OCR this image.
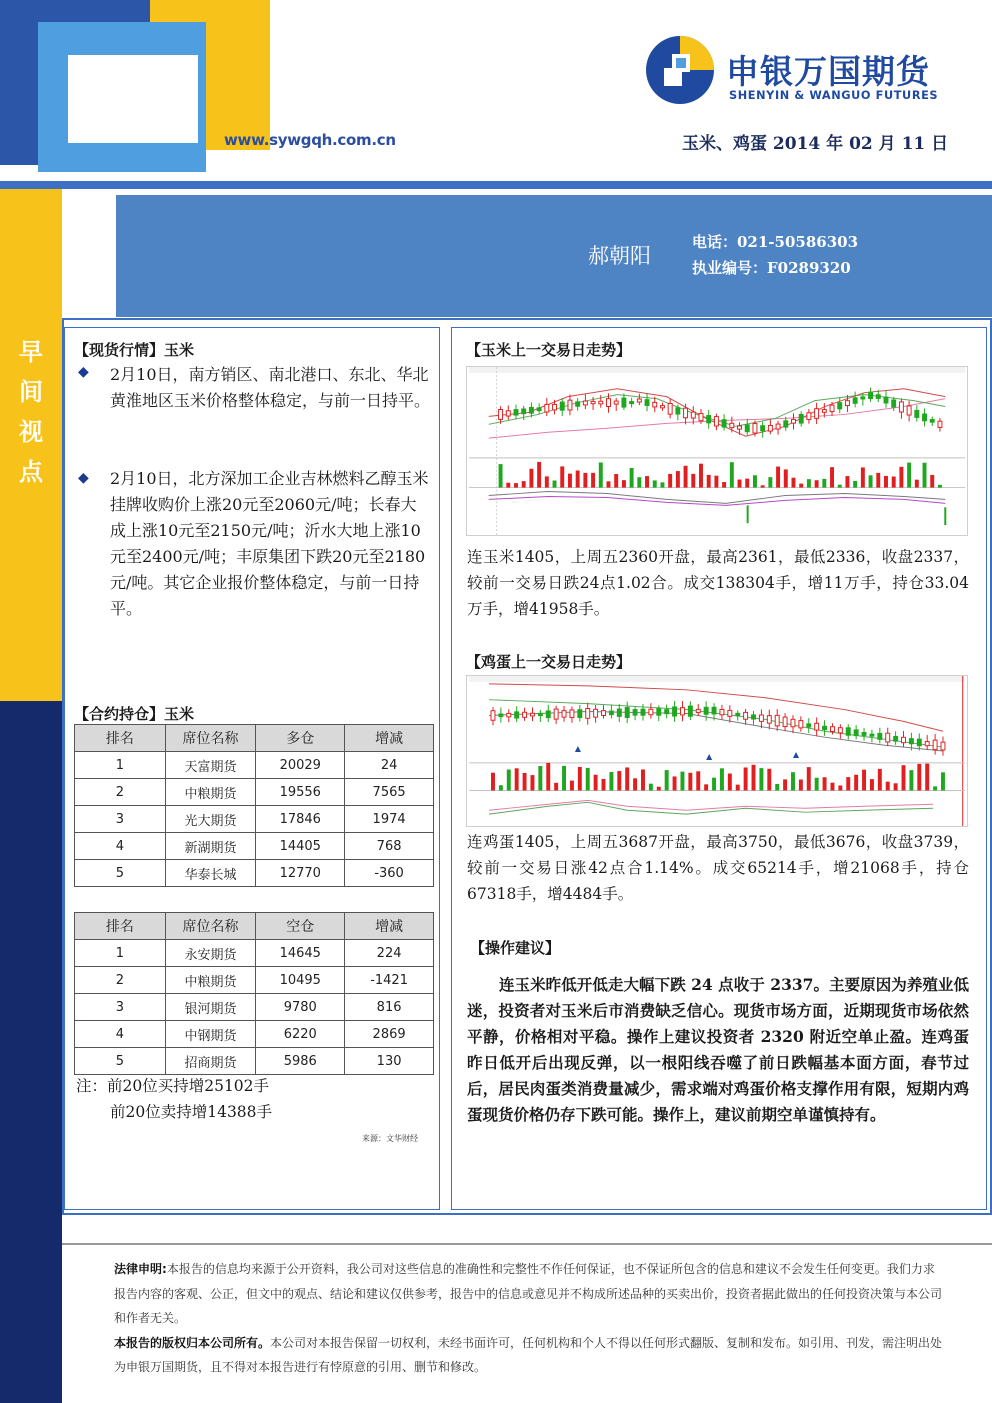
www.sywgqh.com.cn	玉米、鸡蛋 2014 年 02 月 11 日
申银万国期货
SHENYIN & WANGUO FUTURES
早间视点
郝朝阳
电话：021-50586303
执业编号：F0289320
【现货行情】玉米
◆ 2月10日，南方销区、南北港口、东北、华北黄淮地区玉米价格整体稳定，与前一日持平。
◆ 2月10日，北方深加工企业吉林燃料乙醇玉米挂牌收购价上涨20元至2060元/吨；长春大成上涨10元至2150元/吨；沂水大地上涨10元至2400元/吨；丰原集团下跌20元至2180元/吨。其它企业报价整体稳定，与前一日持平。
【合约持仓】玉米
排名	席位名称	多仓	增减
1	天富期货	20029	24
2	中粮期货	19556	7565
3	光大期货	17846	1974
4	新湖期货	14405	768
5	华泰长城	12770	-360
排名	席位名称	空仓	增减
1	永安期货	14645	224
2	中粮期货	10495	-1421
3	银河期货	9780	816
4	中钢期货	6220	2869
5	招商期货	5986	130
注：前20位买持增25102手
前20位卖持增14388手
来源：文华财经
【玉米上一交易日走势】
连玉米1405，上周五2360开盘，最高2361，最低2336，收盘2337，较前一交易日跌24点1.02合。成交138304手，增11万手，持仓33.04万手，增41958手。
【鸡蛋上一交易日走势】
▲
▲	▲
连鸡蛋1405，上周五3687开盘，最高3750，最低3676，收盘3739，较前一交易日涨42点合1.14%。成交65214手，增21068手，持仓67318手，增4484手。
【操作建议】
连玉米昨低开低走大幅下跌 24 点收于 2337。主要原因为养殖业低迷，投资者对玉米后市消费缺乏信心。现货市场方面，近期现货市场依然平静，价格相对平稳。操作上建议投资者 2320 附近空单止盈。连鸡蛋昨日低开后出现反弹，以一根阳线吞噬了前日跌幅基本面方面，春节过后，居民肉蛋类消费量减少，需求端对鸡蛋价格支撑作用有限，短期内鸡蛋现货价格仍存下跌可能。操作上，建议前期空单谨慎持有。
法律申明:本报告的信息均来源于公开资料，我公司对这些信息的准确性和完整性不作任何保证，也不保证所包含的信息和建议不会发生任何变更。我们力求报告内容的客观、公正，但文中的观点、结论和建议仅供参考，报告中的信息或意见并不构成所述品种的买卖出价，投资者据此做出的任何投资决策与本公司和作者无关。
本报告的版权归本公司所有。本公司对本报告保留一切权利，未经书面许可，任何机构和个人不得以任何形式翻版、复制和发布。如引用、刊发，需注明出处为申银万国期货，且不得对本报告进行有悖原意的引用、删节和修改。
